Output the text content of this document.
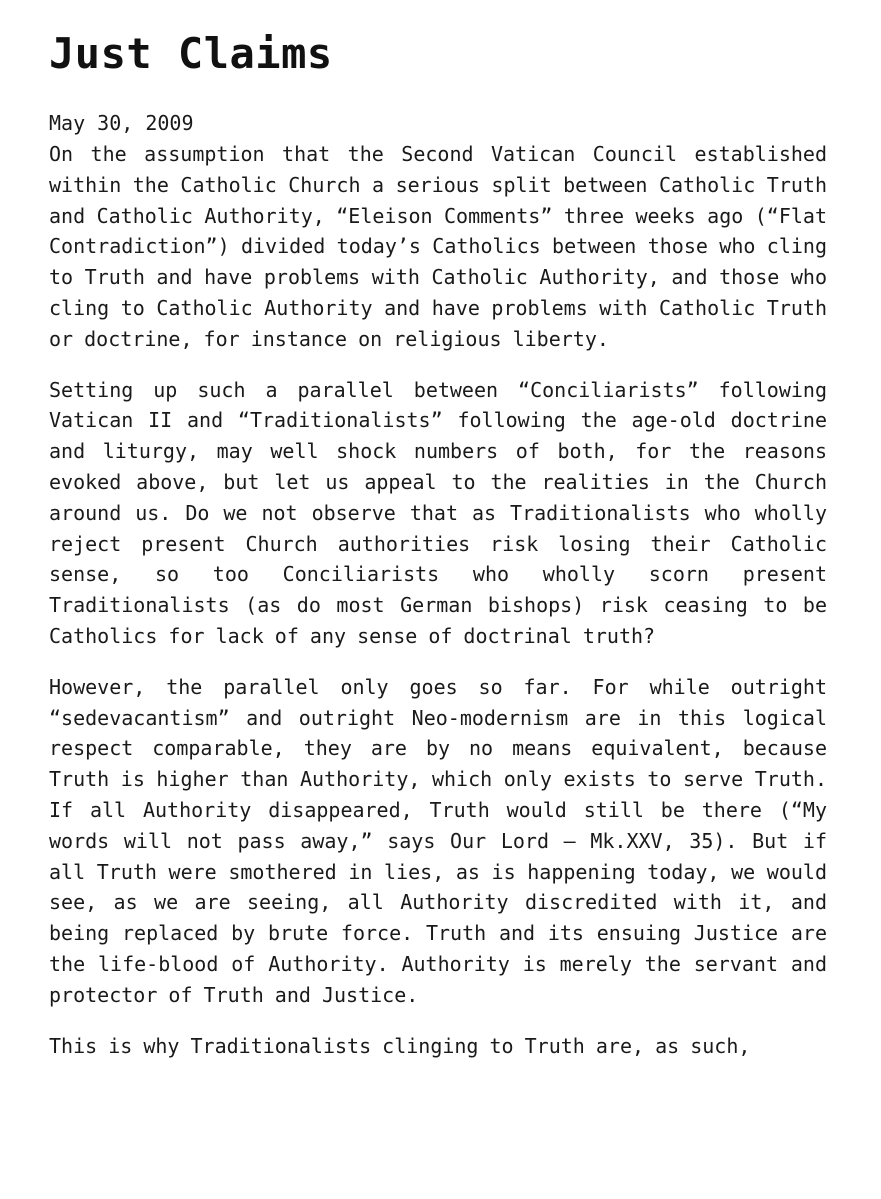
Just Claims
May 30, 2009

On the assumption that the Second Vatican Council established within the Catholic Church a serious split between Catholic Truth and Catholic Authority, “Eleison Comments” three weeks ago (“Flat Contradiction”) divided today’s Catholics between those who cling to Truth and have problems with Catholic Authority, and those who cling to Catholic Authority and have problems with Catholic Truth or doctrine, for instance on religious liberty.

Setting up such a parallel between “Conciliarists” following Vatican II and “Traditionalists” following the age-old doctrine and liturgy, may well shock numbers of both, for the reasons evoked above, but let us appeal to the realities in the Church around us. Do we not observe that as Traditionalists who wholly reject present Church authorities risk losing their Catholic sense, so too Conciliarists who wholly scorn present Traditionalists (as do most German bishops) risk ceasing to be Catholics for lack of any sense of doctrinal truth?

However, the parallel only goes so far. For while outright “sedevacantism” and outright Neo-modernism are in this logical respect comparable, they are by no means equivalent, because Truth is higher than Authority, which only exists to serve Truth. If all Authority disappeared, Truth would still be there (“My words will not pass away,” says Our Lord – Mk.XXV, 35). But if all Truth were smothered in lies, as is happening today, we would see, as we are seeing, all Authority discredited with it, and being replaced by brute force. Truth and its ensuing Justice are the life-blood of Authority. Authority is merely the servant and protector of Truth and Justice.

This is why Traditionalists clinging to Truth are, as such,
